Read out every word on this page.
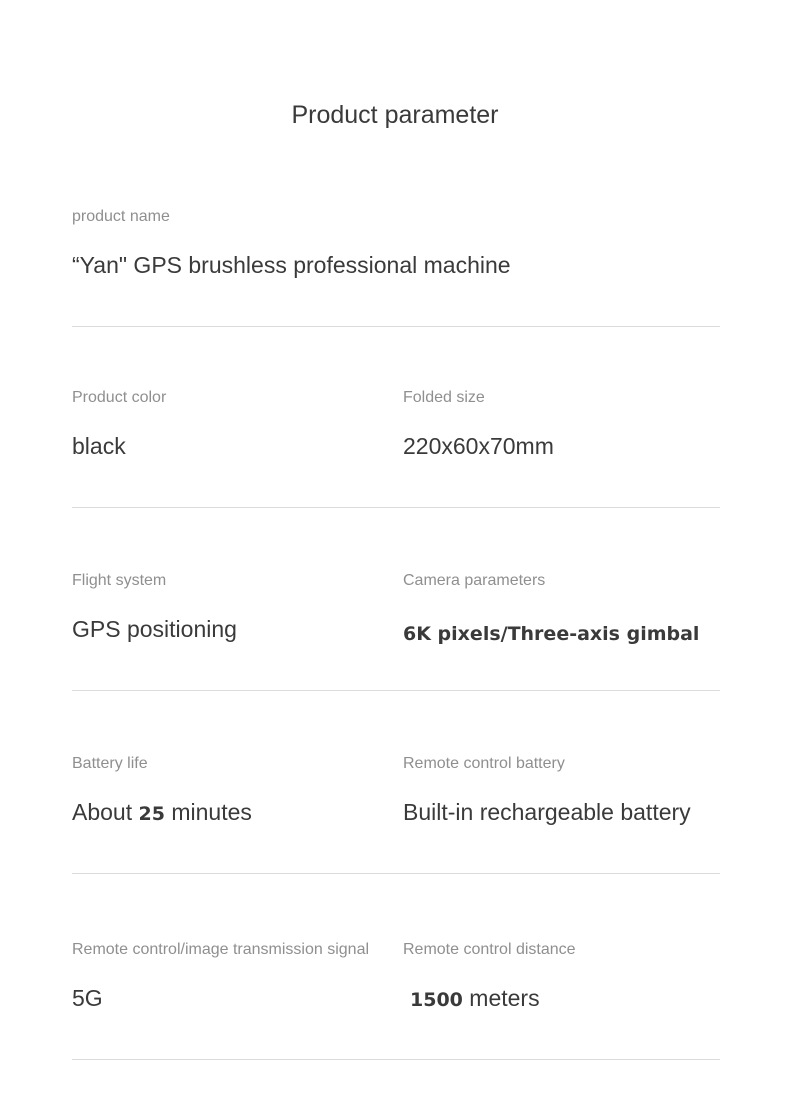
Product parameter
product name
“Yan" GPS brushless professional machine
Product color
black
Folded size
220x60x70mm
Flight system
GPS positioning
Camera parameters
6K pixels/Three-axis gimbal
Battery life
About 25 minutes
Remote control battery
Built-in rechargeable battery
Remote control/image transmission signal
5G
Remote control distance
1500 meters
